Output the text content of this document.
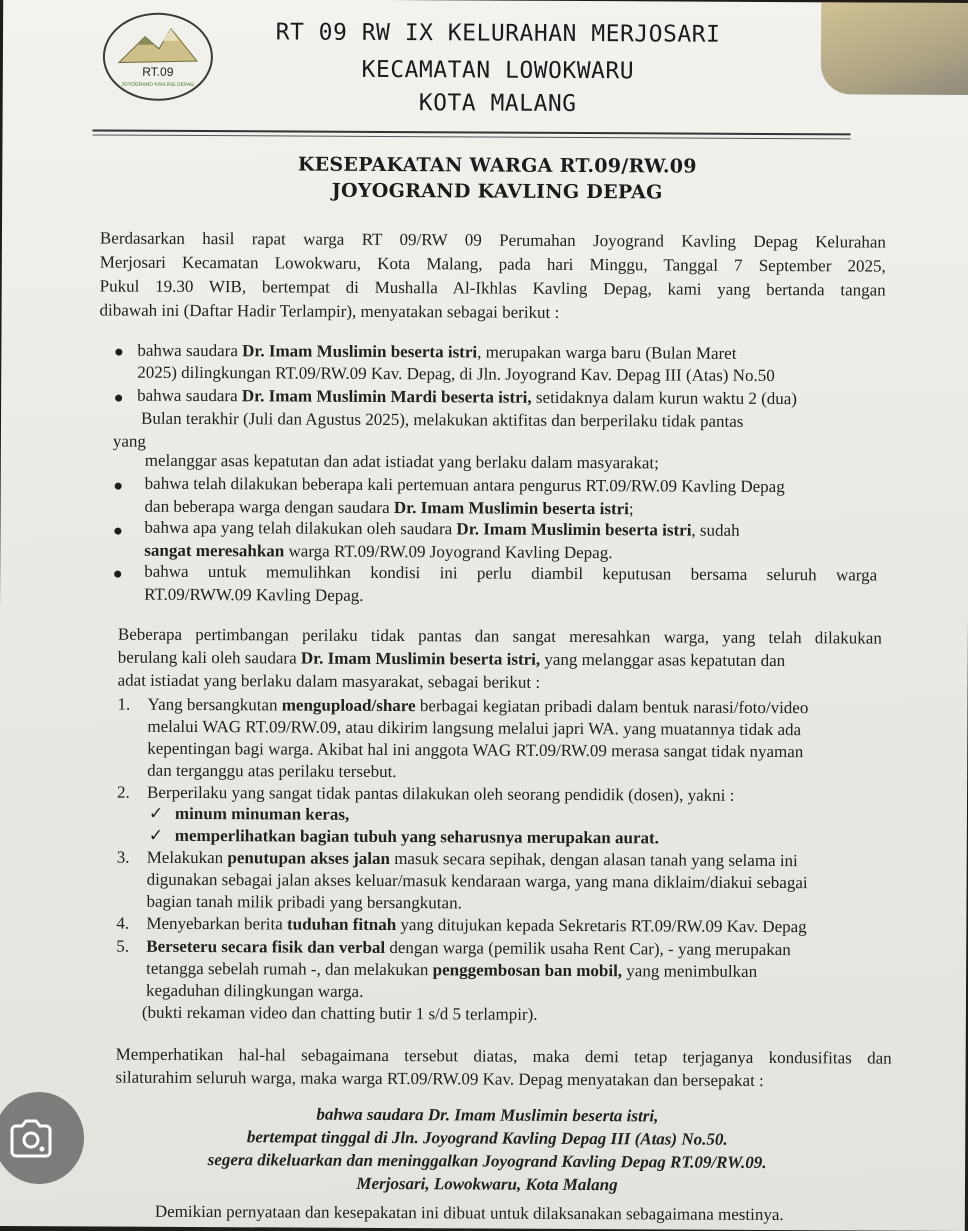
RT.09
JOYOGRAND KAVLING DEPAG
RT 09 RW IX KELURAHAN MERJOSARI
KECAMATAN LOWOKWARU
KOTA MALANG
KESEPAKATAN WARGA RT.09/RW.09
JOYOGRAND KAVLING DEPAG
Berdasarkan hasil rapat warga RT 09/RW 09 Perumahan Joyogrand Kavling Depag Kelurahan
Merjosari Kecamatan Lowokwaru, Kota Malang, pada hari Minggu, Tanggal 7 September 2025,
Pukul 19.30 WIB, bertempat di Mushalla Al-Ikhlas Kavling Depag, kami yang bertanda tangan
dibawah ini (Daftar Hadir Terlampir), menyatakan sebagai berikut :
bahwa saudara Dr. Imam Muslimin beserta istri, merupakan warga baru (Bulan Maret
2025) dilingkungan RT.09/RW.09 Kav. Depag, di Jln. Joyogrand Kav. Depag III (Atas) No.50
bahwa saudara Dr. Imam Muslimin Mardi beserta istri, setidaknya dalam kurun waktu 2 (dua)
Bulan terakhir (Juli dan Agustus 2025), melakukan aktifitas dan berperilaku tidak pantas
yang
melanggar asas kepatutan dan adat istiadat yang berlaku dalam masyarakat;
bahwa telah dilakukan beberapa kali pertemuan antara pengurus RT.09/RW.09 Kavling Depag
dan beberapa warga dengan saudara Dr. Imam Muslimin beserta istri;
bahwa apa yang telah dilakukan oleh saudara Dr. Imam Muslimin beserta istri, sudah
sangat meresahkan warga RT.09/RW.09 Joyogrand Kavling Depag.
bahwa untuk memulihkan kondisi ini perlu diambil keputusan bersama seluruh warga
RT.09/RWW.09 Kavling Depag.
Beberapa pertimbangan perilaku tidak pantas dan sangat meresahkan warga, yang telah dilakukan
berulang kali oleh saudara Dr. Imam Muslimin beserta istri, yang melanggar asas kepatutan dan
adat istiadat yang berlaku dalam masyarakat, sebagai berikut :
1. Yang bersangkutan mengupload/share berbagai kegiatan pribadi dalam bentuk narasi/foto/video
melalui WAG RT.09/RW.09, atau dikirim langsung melalui japri WA. yang muatannya tidak ada
kepentingan bagi warga. Akibat hal ini anggota WAG RT.09/RW.09 merasa sangat tidak nyaman
dan terganggu atas perilaku tersebut.
2. Berperilaku yang sangat tidak pantas dilakukan oleh seorang pendidik (dosen), yakni :
✓ minum minuman keras,
✓ memperlihatkan bagian tubuh yang seharusnya merupakan aurat.
3. Melakukan penutupan akses jalan masuk secara sepihak, dengan alasan tanah yang selama ini
digunakan sebagai jalan akses keluar/masuk kendaraan warga, yang mana diklaim/diakui sebagai
bagian tanah milik pribadi yang bersangkutan.
4. Menyebarkan berita tuduhan fitnah yang ditujukan kepada Sekretaris RT.09/RW.09 Kav. Depag
5. Berseteru secara fisik dan verbal dengan warga (pemilik usaha Rent Car), - yang merupakan
tetangga sebelah rumah -, dan melakukan penggembosan ban mobil, yang menimbulkan
kegaduhan dilingkungan warga.
(bukti rekaman video dan chatting butir 1 s/d 5 terlampir).
Memperhatikan hal-hal sebagaimana tersebut diatas, maka demi tetap terjaganya kondusifitas dan
silaturahim seluruh warga, maka warga RT.09/RW.09 Kav. Depag menyatakan dan bersepakat :
bahwa saudara Dr. Imam Muslimin beserta istri,
bertempat tinggal di Jln. Joyogrand Kavling Depag III (Atas) No.50.
segera dikeluarkan dan meninggalkan Joyogrand Kavling Depag RT.09/RW.09.
Merjosari, Lowokwaru, Kota Malang
Demikian pernyataan dan kesepakatan ini dibuat untuk dilaksanakan sebagaimana mestinya.
